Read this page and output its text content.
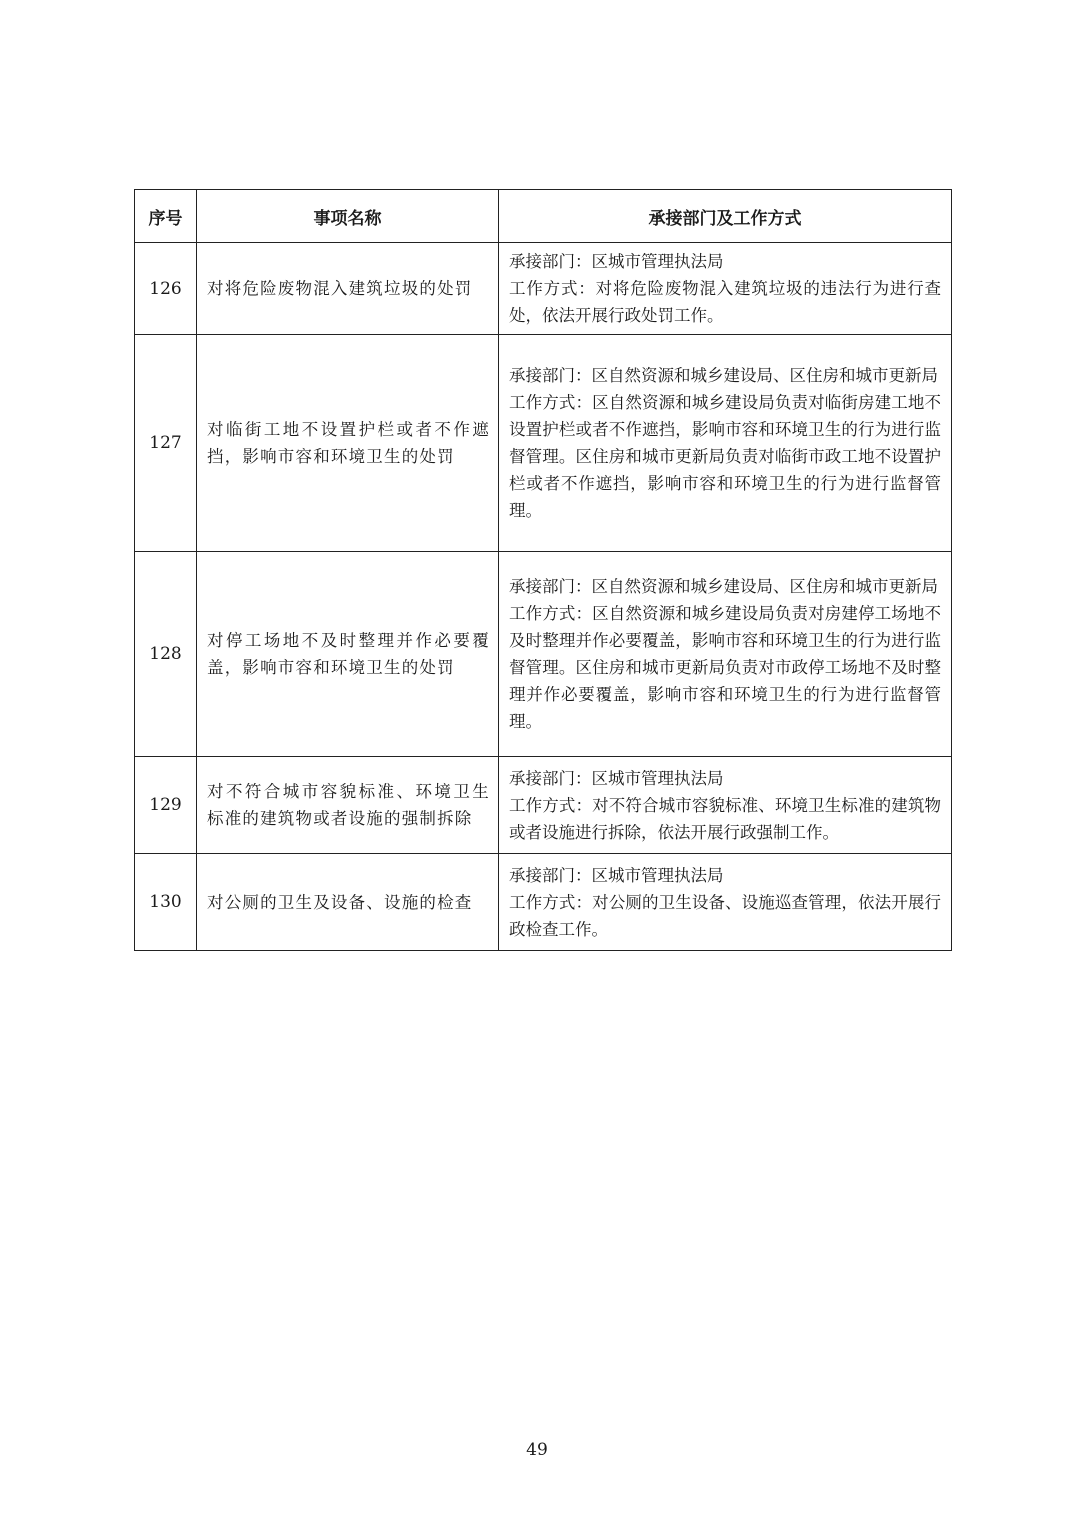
序号	事项名称	承接部门及工作方式
126	对将危险废物混入建筑垃圾的处罚	承接部门：区城市管理执法局
工作方式：对将危险废物混入建筑垃圾的违法行为进行查处，依法开展行政处罚工作。

127	对临街工地不设置护栏或者不作遮挡，影响市容和环境卫生的处罚	承接部门：区自然资源和城乡建设局、区住房和城市更新局
工作方式：区自然资源和城乡建设局负责对临街房建工地不设置护栏或者不作遮挡，影响市容和环境卫生的行为进行监督管理。区住房和城市更新局负责对临街市政工地不设置护栏或者不作遮挡，影响市容和环境卫生的行为进行监督管理。

128	对停工场地不及时整理并作必要覆盖，影响市容和环境卫生的处罚	承接部门：区自然资源和城乡建设局、区住房和城市更新局
工作方式：区自然资源和城乡建设局负责对房建停工场地不及时整理并作必要覆盖，影响市容和环境卫生的行为进行监督管理。区住房和城市更新局负责对市政停工场地不及时整理并作必要覆盖，影响市容和环境卫生的行为进行监督管理。

129	对不符合城市容貌标准、环境卫生标准的建筑物或者设施的强制拆除	承接部门：区城市管理执法局
工作方式：对不符合城市容貌标准、环境卫生标准的建筑物或者设施进行拆除，依法开展行政强制工作。

130	对公厕的卫生及设备、设施的检查	承接部门：区城市管理执法局
工作方式：对公厕的卫生设备、设施巡查管理，依法开展行政检查工作。
49
